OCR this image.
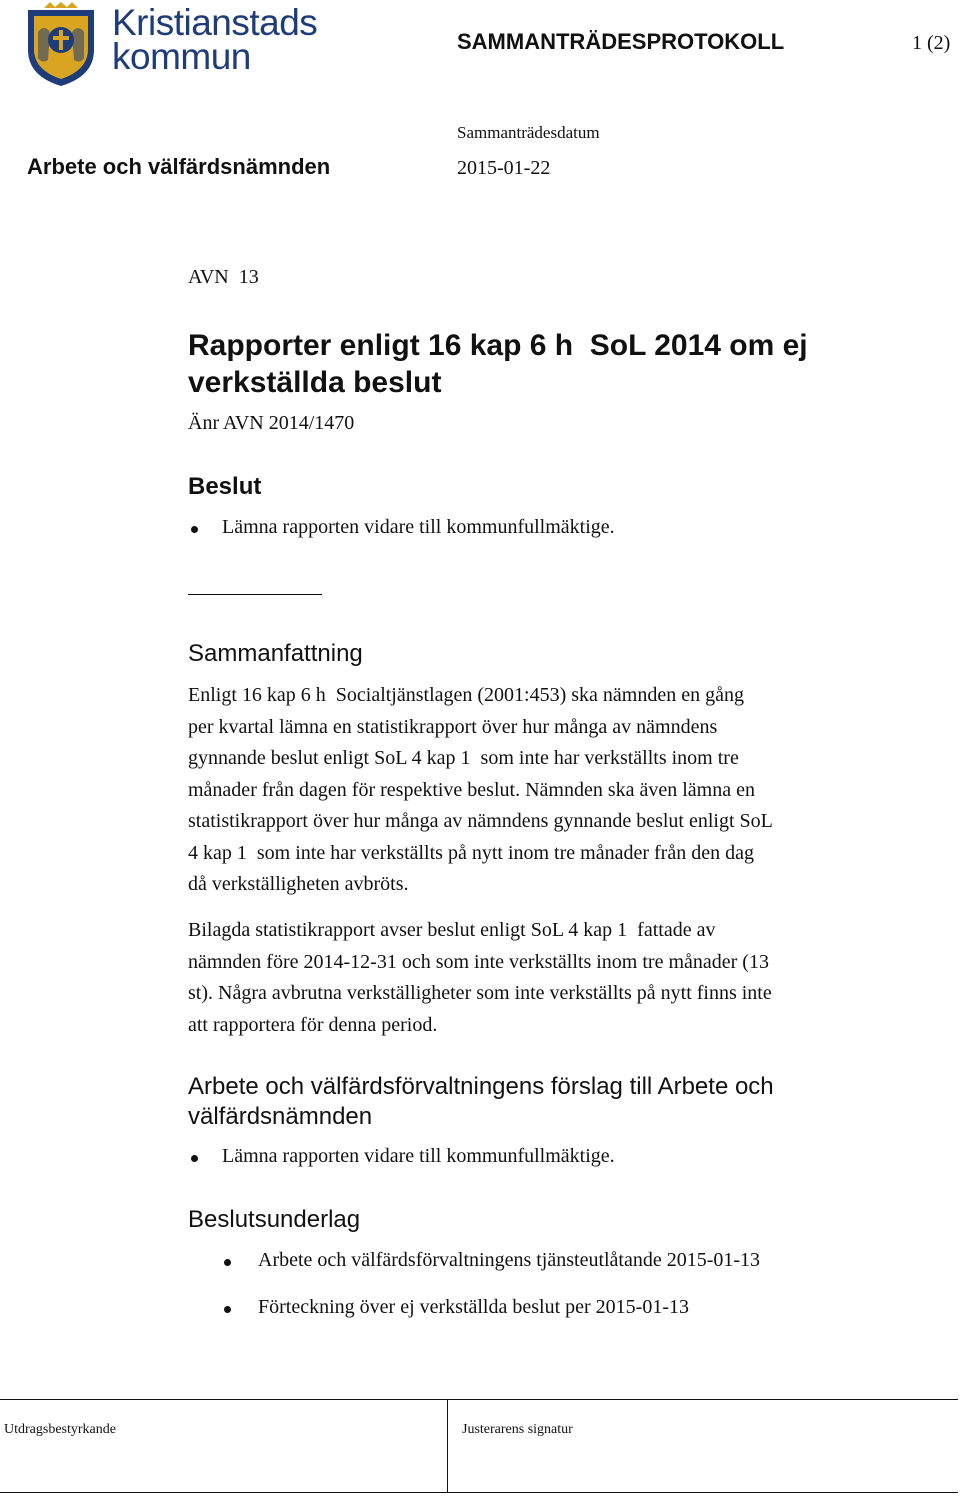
Kristianstads
kommun	SAMMANTRÄDESPROTOKOLL	1 (2)
Sammanträdesdatum
Arbete och välfärdsnämnden	2015-01-22
AVN  13
Rapporter enligt 16 kap 6 h  SoL 2014 om ej
verkställda beslut
Änr AVN 2014/1470
Beslut
Lämna rapporten vidare till kommunfullmäktige.
Sammanfattning
Enligt 16 kap 6 h  Socialtjänstlagen (2001:453) ska nämnden en gång
per kvartal lämna en statistikrapport över hur många av nämndens
gynnande beslut enligt SoL 4 kap 1  som inte har verkställts inom tre
månader från dagen för respektive beslut. Nämnden ska även lämna en
statistikrapport över hur många av nämndens gynnande beslut enligt SoL
4 kap 1  som inte har verkställts på nytt inom tre månader från den dag
då verkställigheten avbröts.
Bilagda statistikrapport avser beslut enligt SoL 4 kap 1  fattade av
nämnden före 2014-12-31 och som inte verkställts inom tre månader (13
st). Några avbrutna verkställigheter som inte verkställts på nytt finns inte
att rapportera för denna period.
Arbete och välfärdsförvaltningens förslag till Arbete och
välfärdsnämnden
Lämna rapporten vidare till kommunfullmäktige.
Beslutsunderlag
Arbete och välfärdsförvaltningens tjänsteutlåtande 2015-01-13
Förteckning över ej verkställda beslut per 2015-01-13
Utdragsbestyrkande	Justerarens signatur
